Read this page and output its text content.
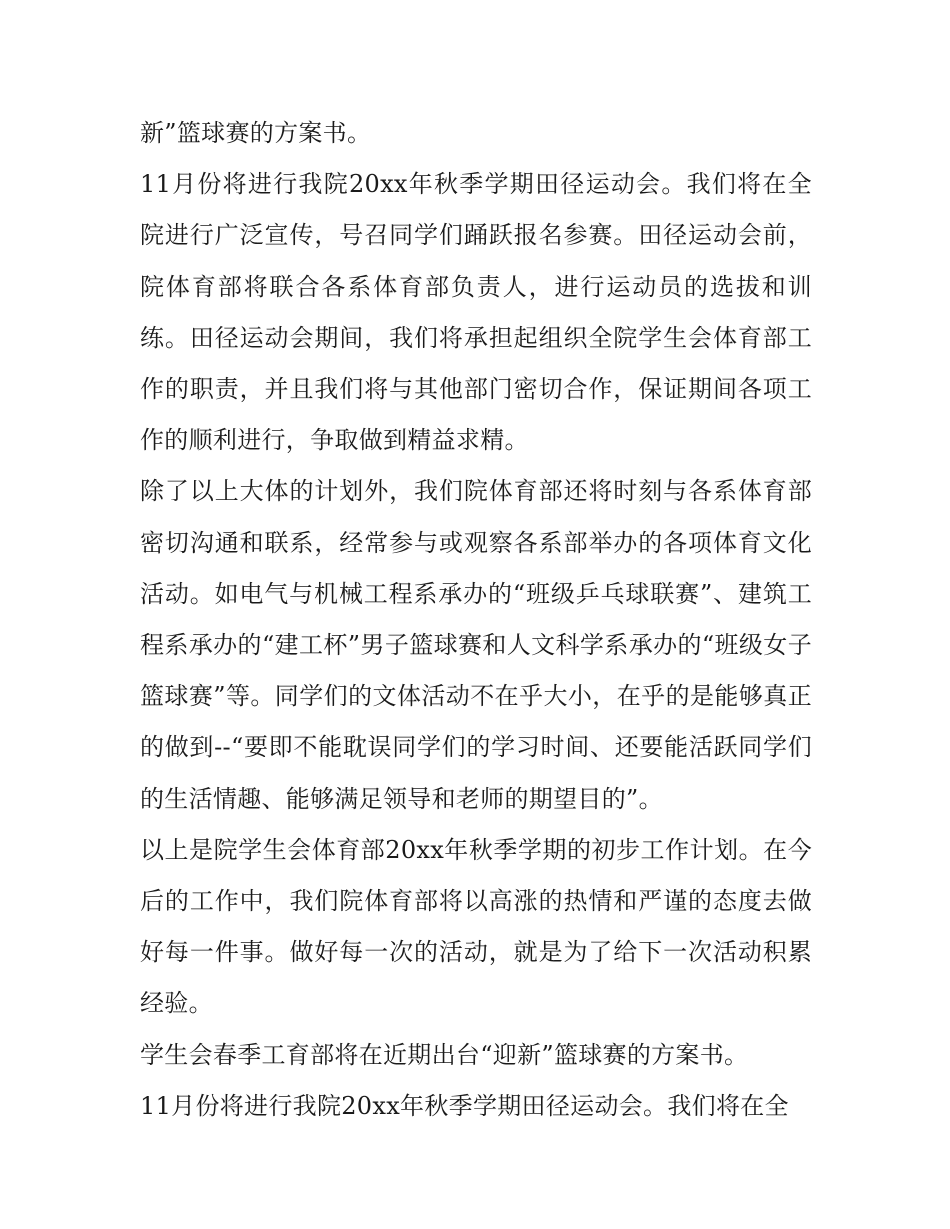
新”篮球赛的方案书。

11月份将进行我院20xx年秋季学期田径运动会。我们将在全院进行广泛宣传，号召同学们踊跃报名参赛。田径运动会前，院体育部将联合各系体育部负责人，进行运动员的选拔和训练。田径运动会期间，我们将承担起组织全院学生会体育部工作的职责，并且我们将与其他部门密切合作，保证期间各项工作的顺利进行，争取做到精益求精。

除了以上大体的计划外，我们院体育部还将时刻与各系体育部密切沟通和联系，经常参与或观察各系部举办的各项体育文化活动。如电气与机械工程系承办的“班级乒乓球联赛”、建筑工程系承办的“建工杯”男子篮球赛和人文科学系承办的“班级女子篮球赛”等。同学们的文体活动不在乎大小，在乎的是能够真正的做到--“要即不能耽误同学们的学习时间、还要能活跃同学们的生活情趣、能够满足领导和老师的期望目的”。

以上是院学生会体育部20xx年秋季学期的初步工作计划。在今后的工作中，我们院体育部将以高涨的热情和严谨的态度去做好每一件事。做好每一次的活动，就是为了给下一次活动积累经验。

学生会春季工育部将在近期出台“迎新”篮球赛的方案书。

11月份将进行我院20xx年秋季学期田径运动会。我们将在全
